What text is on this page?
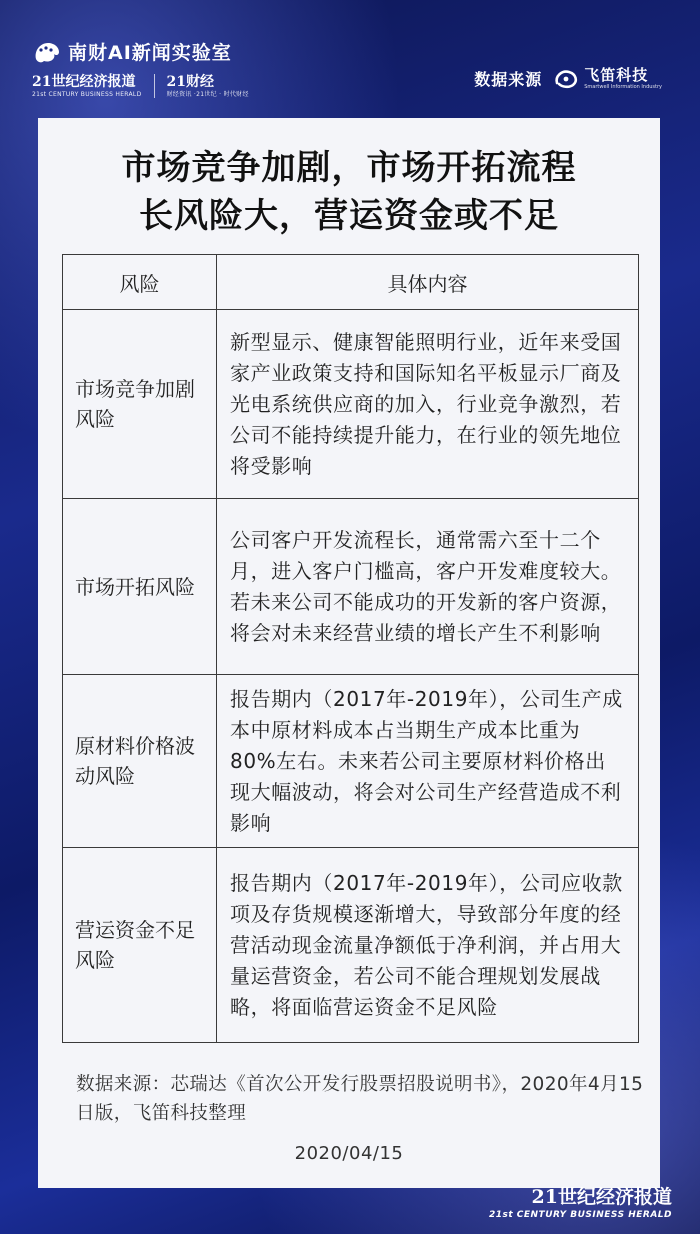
南财AI新闻实验室
21世纪经济报道
21st CENTURY BUSINESS HERALD
21财经
财经资讯 ·21世纪 · 时代财经
数据来源	飞笛科技
Smartwell Information Industry
市场竞争加剧，市场开拓流程
长风险大，营运资金或不足
风险	具体内容
市场竞争加剧风险	新型显示、健康智能照明行业，近年来受国家产业政策支持和国际知名平板显示厂商及光电系统供应商的加入，行业竞争激烈，若公司不能持续提升能力，在行业的领先地位将受影响
市场开拓风险	公司客户开发流程长，通常需六至十二个月，进入客户门槛高，客户开发难度较大。若未来公司不能成功的开发新的客户资源，将会对未来经营业绩的增长产生不利影响
原材料价格波动风险	报告期内（2017年-2019年），公司生产成本中原材料成本占当期生产成本比重为80%左右。未来若公司主要原材料价格出现大幅波动，将会对公司生产经营造成不利影响
营运资金不足风险	报告期内（2017年-2019年），公司应收款项及存货规模逐渐增大，导致部分年度的经营活动现金流量净额低于净利润，并占用大量运营资金，若公司不能合理规划发展战略，将面临营运资金不足风险
数据来源：芯瑞达《首次公开发行股票招股说明书》，2020年4月15日版，飞笛科技整理
2020/04/15
21世纪经济报道
21st CENTURY BUSINESS HERALD
